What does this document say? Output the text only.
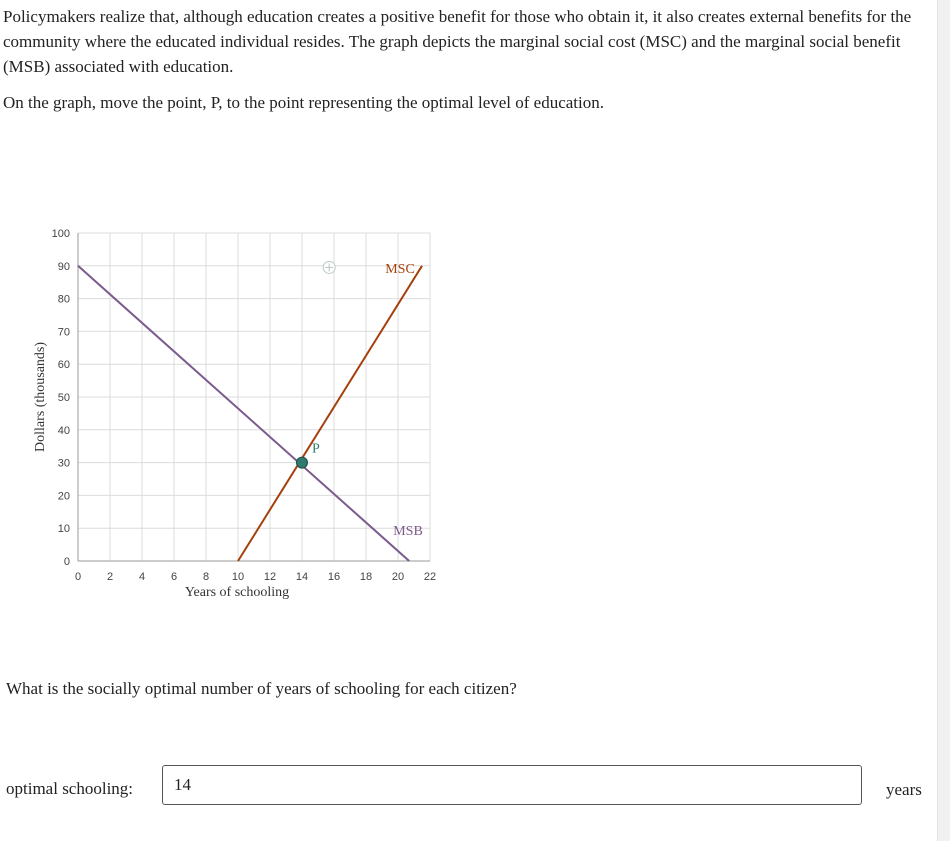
Policymakers realize that, although education creates a positive benefit for those who obtain it, it also creates external benefits for the community where the educated individual resides. The graph depicts the marginal social cost (MSC) and the marginal social benefit (MSB) associated with education.

On the graph, move the point, P, to the point representing the optimal level of education.

0 2 4 6 8 10 12 14 16 18 20 22
0
10
20
30
40
50
60
70
80
90
100
MSC
MSB
Years of schooling
Dollars (thousands)	P

What is the socially optimal number of years of schooling for each citizen?

optimal schooling:
14	years
